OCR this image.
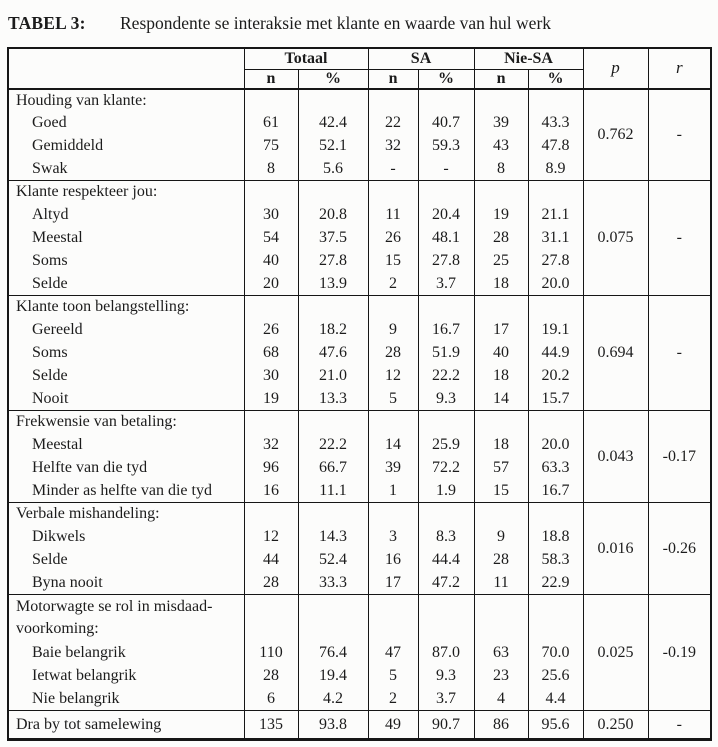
TABEL 3: Respondente se interaksie met klante en waarde van hul werk
	Totaal		SA		Nie-SA		p	r
	n	%	n	%	n	%		

Houding van klante:							0.762	-
Goed	61	42.4	22	40.7	39	43.3		
Gemiddeld	75	52.1	32	59.3	43	47.8		
Swak	8	5.6	-	-	8	8.9		

Klante respekteer jou:							0.075	-
Altyd	30	20.8	11	20.4	19	21.1		
Meestal	54	37.5	26	48.1	28	31.1		
Soms	40	27.8	15	27.8	25	27.8		
Selde	20	13.9	2	3.7	18	20.0		

Klante toon belangstelling:							0.694	-
Gereeld	26	18.2	9	16.7	17	19.1		
Soms	68	47.6	28	51.9	40	44.9		
Selde	30	21.0	12	22.2	18	20.2		
Nooit	19	13.3	5	9.3	14	15.7		

Frekwensie van betaling:							0.043	-0.17
Meestal	32	22.2	14	25.9	18	20.0		
Helfte van die tyd	96	66.7	39	72.2	57	63.3		
Minder as helfte van die tyd	16	11.1	1	1.9	15	16.7		

Verbale mishandeling:							0.016	-0.26
Dikwels	12	14.3	3	8.3	9	18.8		
Selde	44	52.4	16	44.4	28	58.3		
Byna nooit	28	33.3	17	47.2	11	22.9		

Motorwagte se rol in misdaad-
voorkoming:							0.025	-0.19
Baie belangrik	110	76.4	47	87.0	63	70.0		
Ietwat belangrik	28	19.4	5	9.3	23	25.6		
Nie belangrik	6	4.2	2	3.7	4	4.4		
Dra by tot samelewing	135	93.8	49	90.7	86	95.6	0.250	-
